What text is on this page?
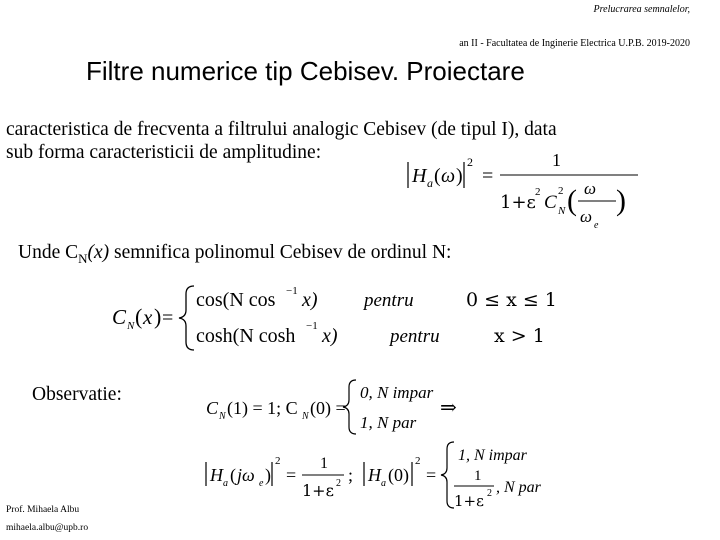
Prelucrarea semnalelor,
an II - Facultatea de Inginerie Electrica U.P.B. 2019-2020
Filtre numerice tip Cebisev. Proiectare
caracteristica de frecventa a filtrului analogic Cebisev (de tipul I), data
sub forma caracteristicii de amplitudine:
H a ( ω )
2
=
1
1+ε 2 C N
2 ( ω
ω e
)
Unde $C_N(x)$ semnifica polinomul Cebisev de ordinul N:
C N ( x ) =
cos(N cos −1 x) pentru	0 ≤ x ≤ 1
cosh(N cosh −1 x)	pentru	x > 1
Observatie:
C N (1) = 1; C N (0) =
0, N impar
1, N par
⇒
H a ( jω e )
2
=
1
1+ε 2 ; H a (0)
2
=
1, N impar
1
1+ε 2 , N par
Prof. Mihaela Albu
mihaela.albu@upb.ro
